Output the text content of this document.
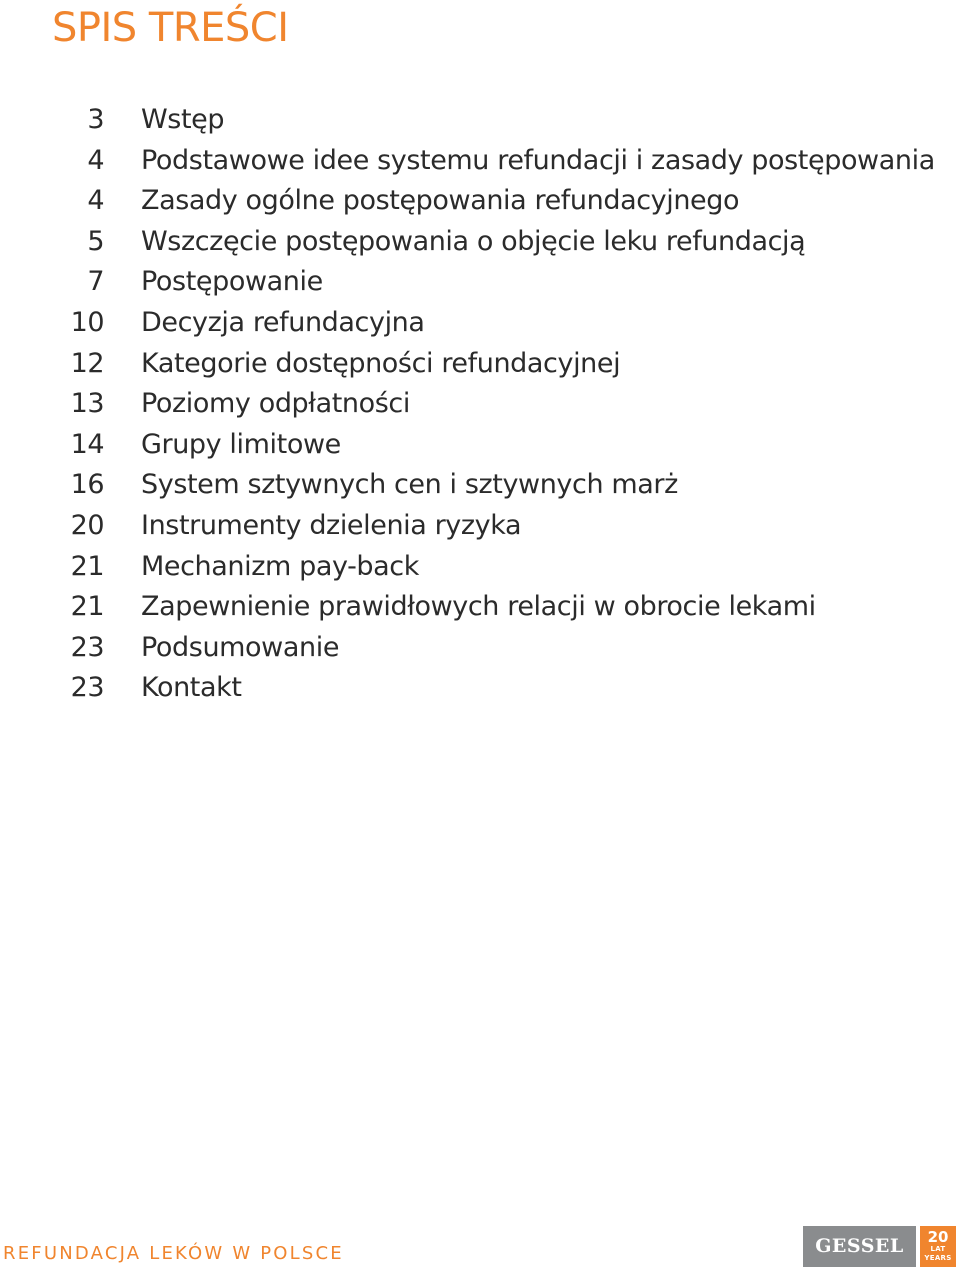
SPIS TREŚCI
3 Wstęp
4 Podstawowe idee systemu refundacji i zasady postępowania
4 Zasady ogólne postępowania refundacyjnego
5 Wszczęcie postępowania o objęcie leku refundacją
7 Postępowanie
10 Decyzja refundacyjna
12 Kategorie dostępności refundacyjnej
13 Poziomy odpłatności
14 Grupy limitowe
16 System sztywnych cen i sztywnych marż
20 Instrumenty dzielenia ryzyka
21 Mechanizm pay-back
21 Zapewnienie prawidłowych relacji w obrocie lekami
23 Podsumowanie
23 Kontakt
REFUNDACJA LEKÓW W POLSCE	GESSEL	20
LAT
YEARS
